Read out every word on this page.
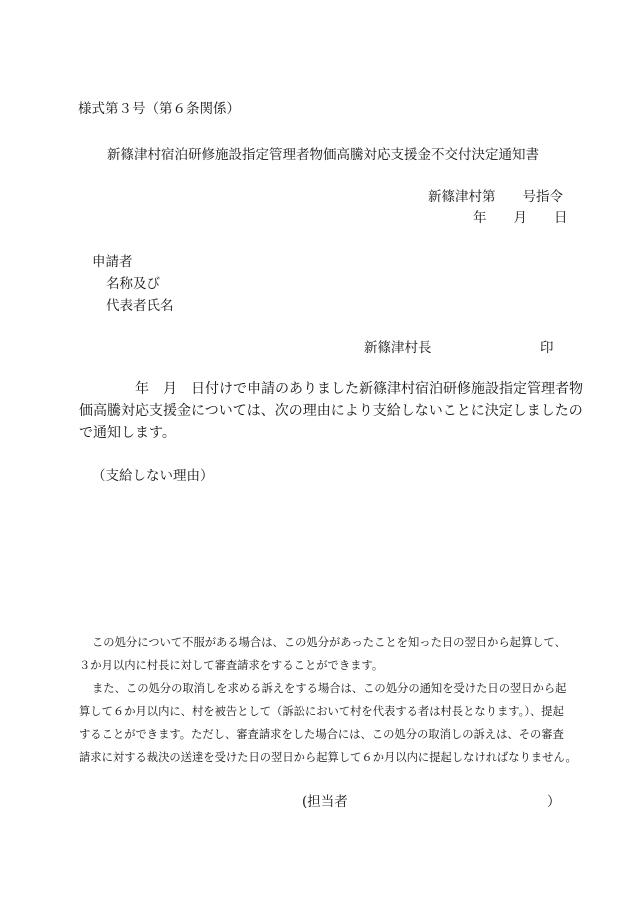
様式第３号（第６条関係）
新篠津村宿泊研修施設指定管理者物価高騰対応支援金不交付決定通知書
新篠津村第　　号指令
年　　月　　日
申請者
名称及び
代表者氏名
新篠津村長	印
年　月　日付けで申請のありました新篠津村宿泊研修施設指定管理者物
価高騰対応支援金については、次の理由により支給しないことに決定しましたの
で通知します。
（支給しない理由）
この処分について不服がある場合は、この処分があったことを知った日の翌日から起算して、
３か月以内に村長に対して審査請求をすることができます。
また、この処分の取消しを求める訴えをする場合は、この処分の通知を受けた日の翌日から起
算して６か月以内に、村を被告として（訴訟において村を代表する者は村長となります。）、提起
することができます。ただし、審査請求をした場合には、この処分の取消しの訴えは、その審査
請求に対する裁決の送達を受けた日の翌日から起算して６か月以内に提起しなければなりません。
(担当者	）
